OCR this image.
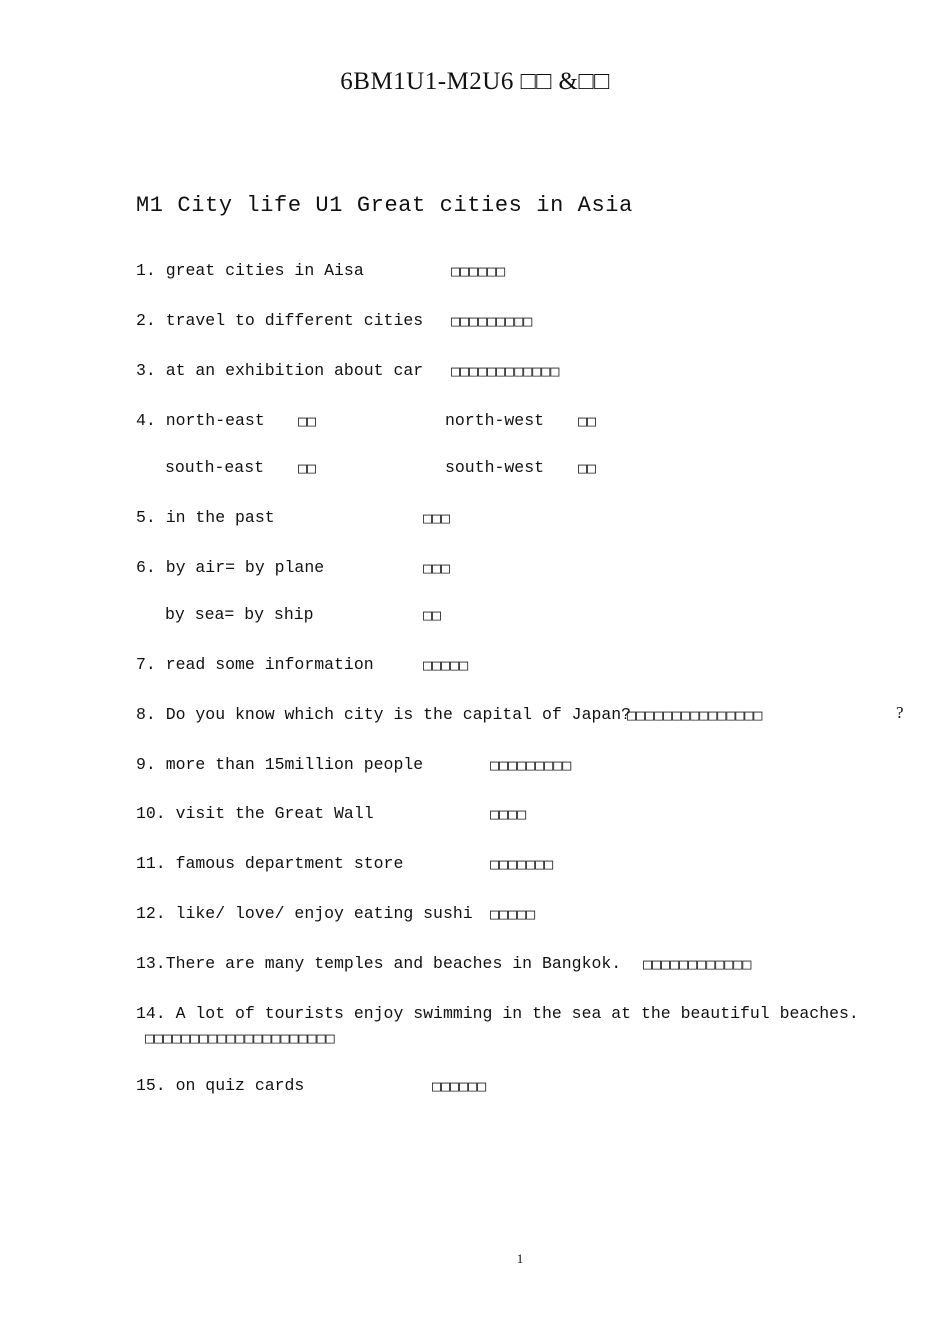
6BM1U1-M2U6 □□ &□□
M1 City life U1 Great cities in Asia
1. great cities in Aisa	□□□□□□
2. travel to different cities □□□□□□□□□
3. at an exhibition about car □□□□□□□□□□□□
4. north-east □□	north-west □□
south-east □□	south-west □□
5. in the past	□□□
6. by air= by plane	□□□
by sea= by ship	□□
7. read some information	□□□□□
8. Do you know which city is the capital of Japan?
□□□□□□□□□□□□□□□	?
9. more than 15million people	□□□□□□□□□
10. visit the Great Wall	□□□□
11. famous department store	□□□□□□□
12. like/ love/ enjoy eating sushi □□□□□
13.There are many temples and beaches in Bangkok. □□□□□□□□□□□□
14. A lot of tourists enjoy swimming in the sea at the beautiful beaches.
□□□□□□□□□□□□□□□□□□□□□
15. on quiz cards	□□□□□□
1
